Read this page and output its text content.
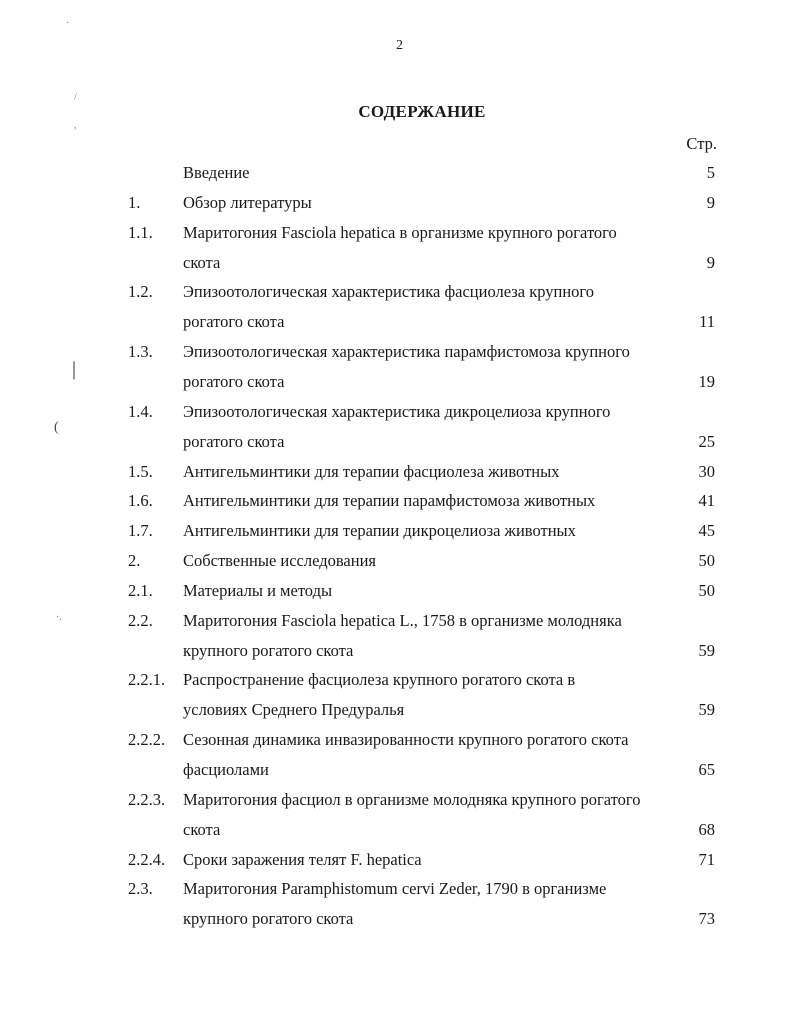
2
СОДЕРЖАНИЕ
Стр.
Введение	5
1.	Обзор литературы	9
1.1. Маритогония Fasciola hepatica в организме крупного рогатого
скота	9
1.2. Эпизоотологическая характеристика фасциолеза крупного
рогатого скота	11
1.3. Эпизоотологическая характеристика парамфистомоза крупного
рогатого скота	19
1.4. Эпизоотологическая характеристика дикроцелиоза крупного
рогатого скота	25
1.5. Антигельминтики для терапии фасциолеза животных	30
1.6. Антигельминтики для терапии парамфистомоза животных	41
1.7. Антигельминтики для терапии дикроцелиоза животных	45
2.	Собственные исследования	50
2.1. Материалы и методы	50
2.2. Маритогония Fasciola hepatica L., 1758 в организме молодняка
крупного рогатого скота	59
2.2.1. Распространение фасциолеза крупного рогатого скота в
условиях Среднего Предуралья	59
2.2.2. Сезонная динамика инвазированности крупного рогатого скота
фасциолами	65
2.2.3. Маритогония фасциол в организме молодняка крупного рогатого
скота	68
2.2.4. Сроки заражения телят F. hepatica	71
2.3. Маритогония Paramphistomum cervi Zeder, 1790 в организме
крупного рогатого скота	73
·
/
,
|
(
·.
